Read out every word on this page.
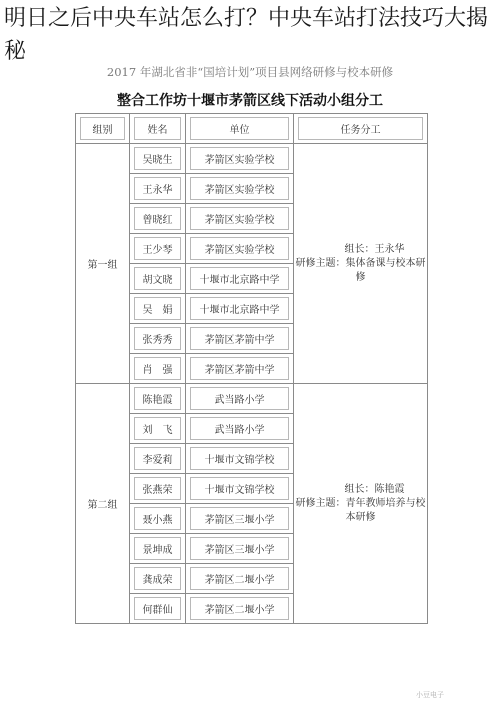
明日之后中央车站怎么打？中央车站打法技巧大揭秘
2017 年湖北省非“国培计划”项目县网络研修与校本研修
整合工作坊十堰市茅箭区线下活动小组分工
组别	姓名	单位	任务分工

第一组	吴晓生	茅箭区实验学校	组长：王永华
研修主题：集体备课与校本研修

王永华	茅箭区实验学校	

曾晓红	茅箭区实验学校	

王少琴	茅箭区实验学校	

胡文晓	十堰市北京路中学	

吴　娟	十堰市北京路中学	

张秀秀	茅箭区茅箭中学	

肖　强	茅箭区茅箭中学	

第二组	陈艳霞	武当路小学	组长：陈艳霞
研修主题：青年教师培养与校本研修

刘　飞	武当路小学	

李爱莉	十堰市文锦学校	

张燕荣	十堰市文锦学校	

聂小燕	茅箭区三堰小学	

景坤成	茅箭区三堰小学	

龚成荣	茅箭区二堰小学	

何群仙	茅箭区二堰小学	
小豆电子
